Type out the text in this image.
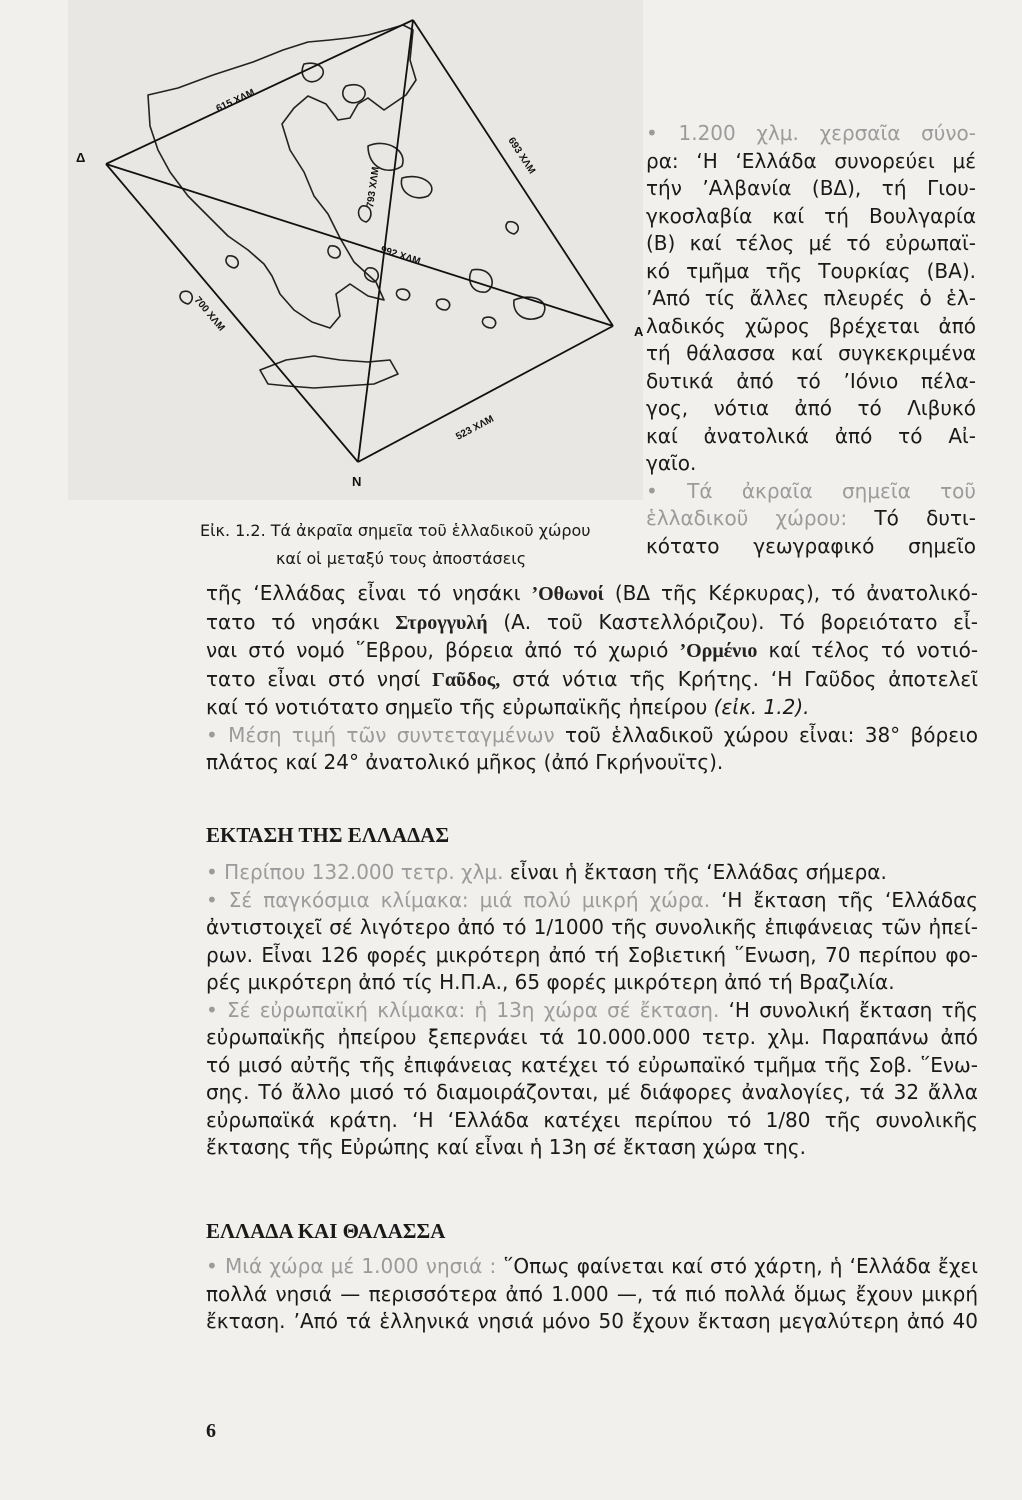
Δ
Α
Ν
615 ΧΛΜ
693 ΧΛΜ
793 ΧΛΜ
992 ΧΛΜ
700 ΧΛΜ
523 ΧΛΜ
• 1.200 χλμ. χερσαῖα σύνο-
ρα: ‘Η ‘Ελλάδα συνορεύει μέ
τήν ’Αλβανία (ΒΔ), τή Γιου-
γκοσλαβία καί τή Βουλγαρία
(Β) καί τέλος μέ τό εὐρωπαϊ-
κό τμῆμα τῆς Τουρκίας (ΒΑ).
’Από τίς ἄλλες πλευρές ὁ ἑλ-
λαδικός χῶρος βρέχεται ἀπό
τή θάλασσα καί συγκεκριμένα
δυτικά ἀπό τό ’Ιόνιο πέλα-
γος, νότια ἀπό τό Λιβυκό
καί ἀνατολικά ἀπό τό Αἰ-
γαῖο.
• Τά ἀκραῖα σημεῖα τοῦ
ἑλλαδικοῦ χώρου: Τό δυτι-
κότατο γεωγραφικό σημεῖο

Εἰκ. 1.2. Τά ἀκραῖα σημεῖα τοῦ ἑλλαδικοῦ χώρου

καί οἱ μεταξύ τους ἀποστάσεις

τῆς ‘Ελλάδας εἶναι τό νησάκι ’Οθωνοί (ΒΔ τῆς Κέρκυρας), τό ἀνατολικό-
τατο τό νησάκι Στρογγυλή (Α. τοῦ Καστελλόριζου). Τό βορειότατο εἶ-
ναι στό νομό ῞Εβρου, βόρεια ἀπό τό χωριό ’Ορμένιο καί τέλος τό νοτιό-
τατο εἶναι στό νησί Γαῦδος, στά νότια τῆς Κρήτης. ‘Η Γαῦδος ἀποτελεῖ
καί τό νοτιότατο σημεῖο τῆς εὐρωπαϊκῆς ἠπείρου (εἰκ. 1.2).
• Μέση τιμή τῶν συντεταγμένων τοῦ ἑλλαδικοῦ χώρου εἶναι: 38° βόρειο
πλάτος καί 24° ἀνατολικό μῆκος (ἀπό Γκρήνουϊτς).

ΕΚΤΑΣΗ ΤΗΣ ΕΛΛΑΔΑΣ

• Περίπου 132.000 τετρ. χλμ. εἶναι ἡ ἔκταση τῆς ‘Ελλάδας σήμερα.
• Σέ παγκόσμια κλίμακα: μιά πολύ μικρή χώρα. ‘Η ἔκταση τῆς ‘Ελλάδας
ἀντιστοιχεῖ σέ λιγότερο ἀπό τό 1/1000 τῆς συνολικῆς ἐπιφάνειας τῶν ἠπεί-
ρων. Εἶναι 126 φορές μικρότερη ἀπό τή Σοβιετική ῞Ενωση, 70 περίπου φο-
ρές μικρότερη ἀπό τίς Η.Π.Α., 65 φορές μικρότερη ἀπό τή Βραζιλία.
• Σέ εὐρωπαϊκή κλίμακα: ἡ 13η χώρα σέ ἔκταση. ‘Η συνολική ἔκταση τῆς
εὐρωπαϊκῆς ἠπείρου ξεπερνάει τά 10.000.000 τετρ. χλμ. Παραπάνω ἀπό
τό μισό αὐτῆς τῆς ἐπιφάνειας κατέχει τό εὐρωπαϊκό τμῆμα τῆς Σοβ. ῞Ενω-
σης. Τό ἄλλο μισό τό διαμοιράζονται, μέ διάφορες ἀναλογίες, τά 32 ἄλλα
εὐρωπαϊκά κράτη. ‘Η ‘Ελλάδα κατέχει περίπου τό 1/80 τῆς συνολικῆς
ἔκτασης τῆς Εὐρώπης καί εἶναι ἡ 13η σέ ἔκταση χώρα της.

ΕΛΛΑΔΑ ΚΑΙ ΘΑΛΑΣΣΑ

• Μιά χώρα μέ 1.000 νησιά : ῞Οπως φαίνεται καί στό χάρτη, ἡ ‘Ελλάδα ἔχει
πολλά νησιά — περισσότερα ἀπό 1.000 —, τά πιό πολλά ὅμως ἔχουν μικρή
ἔκταση. ’Από τά ἑλληνικά νησιά μόνο 50 ἔχουν ἔκταση μεγαλύτερη ἀπό 40

6
